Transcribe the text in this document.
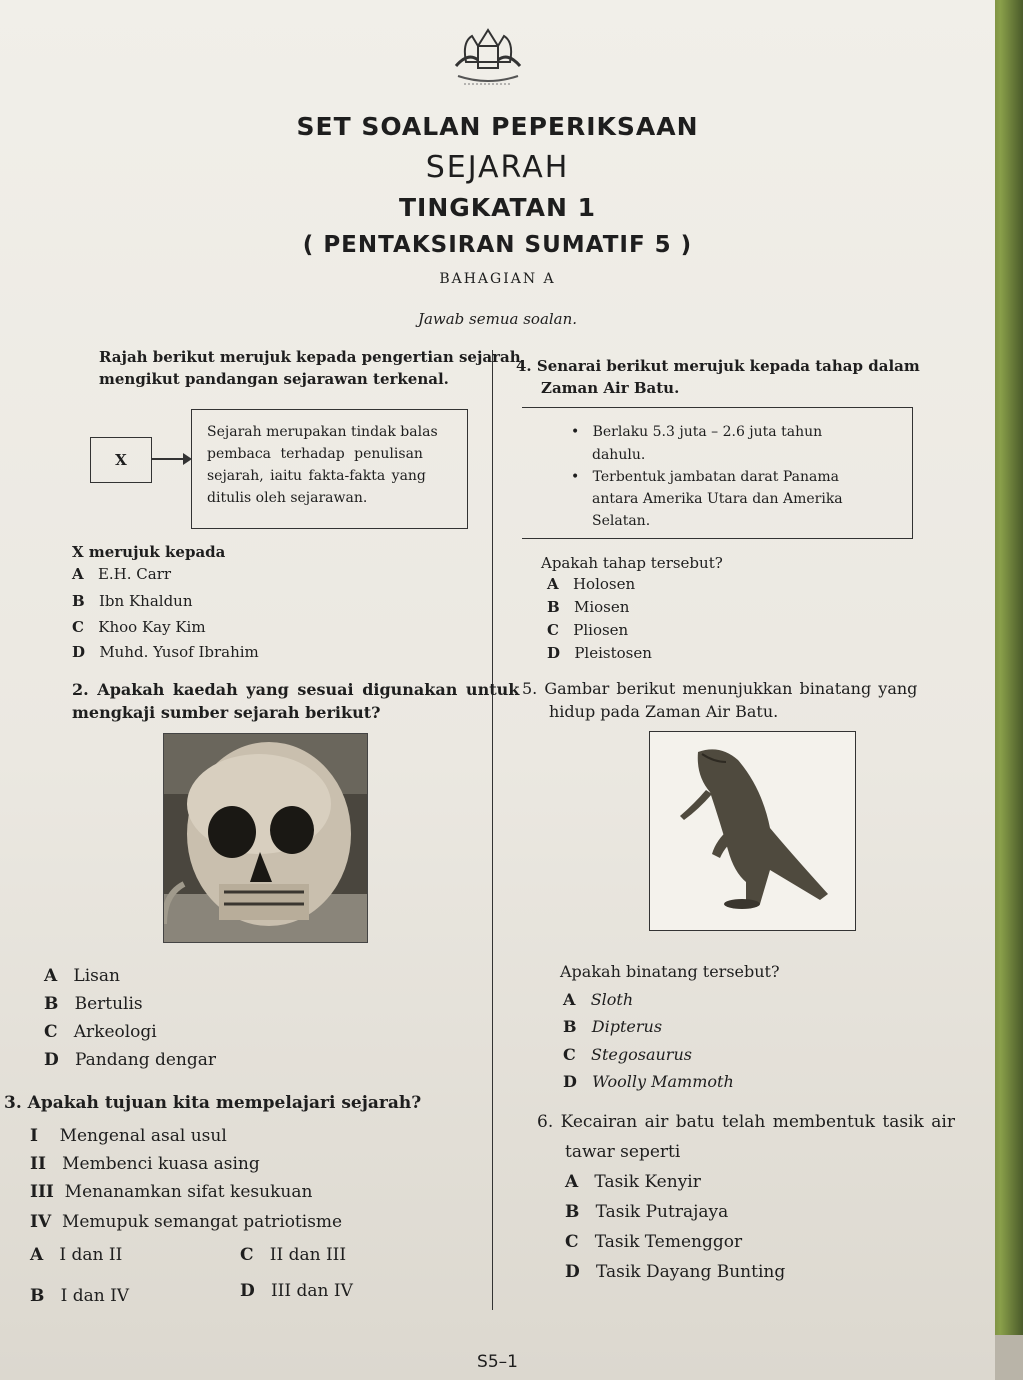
SET SOALAN PEPERIKSAAN
SEJARAH
TINGKATAN 1
( PENTAKSIRAN SUMATIF 5 )
BAHAGIAN A
Jawab semua soalan.
Rajah berikut merujuk kepada pengertian sejarah
mengikut pandangan sejarawan terkenal.
X

Sejarah merupakan tindak balas

pembaca terhadap penulisan

sejarah, iaitu fakta-fakta yang

ditulis oleh sejarawan.

X merujuk kepada
A E.H. Carr
B Ibn Khaldun
C Khoo Kay Kim
D Muhd. Yusof Ibrahim
2. Apakah kaedah yang sesuai digunakan untuk
mengkaji sumber sejarah berikut?
A Lisan
B Bertulis
C Arkeologi
D Pandang dengar
3. Apakah tujuan kita mempelajari sejarah?
I Mengenal asal usul
II Membenci kuasa asing
III Menanamkan sifat kesukuan
IV Memupuk semangat patriotisme
A I dan II
B I dan IV
C II dan III
D III dan IV
4. Senarai berikut merujuk kepada tahap dalam
Zaman Air Batu.
•   Berlaku 5.3 juta – 2.6 juta tahun
dahulu.
•   Terbentuk jambatan darat Panama
antara Amerika Utara dan Amerika
Selatan.
Apakah tahap tersebut?
A Holosen
B Miosen
C Pliosen
D Pleistosen
5. Gambar berikut menunjukkan binatang yang
hidup pada Zaman Air Batu.
Apakah binatang tersebut?
A Sloth
B Dipterus
C Stegosaurus
D Woolly Mammoth
6. Kecairan air batu telah membentuk tasik air
tawar seperti
A Tasik Kenyir
B Tasik Putrajaya
C Tasik Temenggor
D Tasik Dayang Bunting
S5–1
